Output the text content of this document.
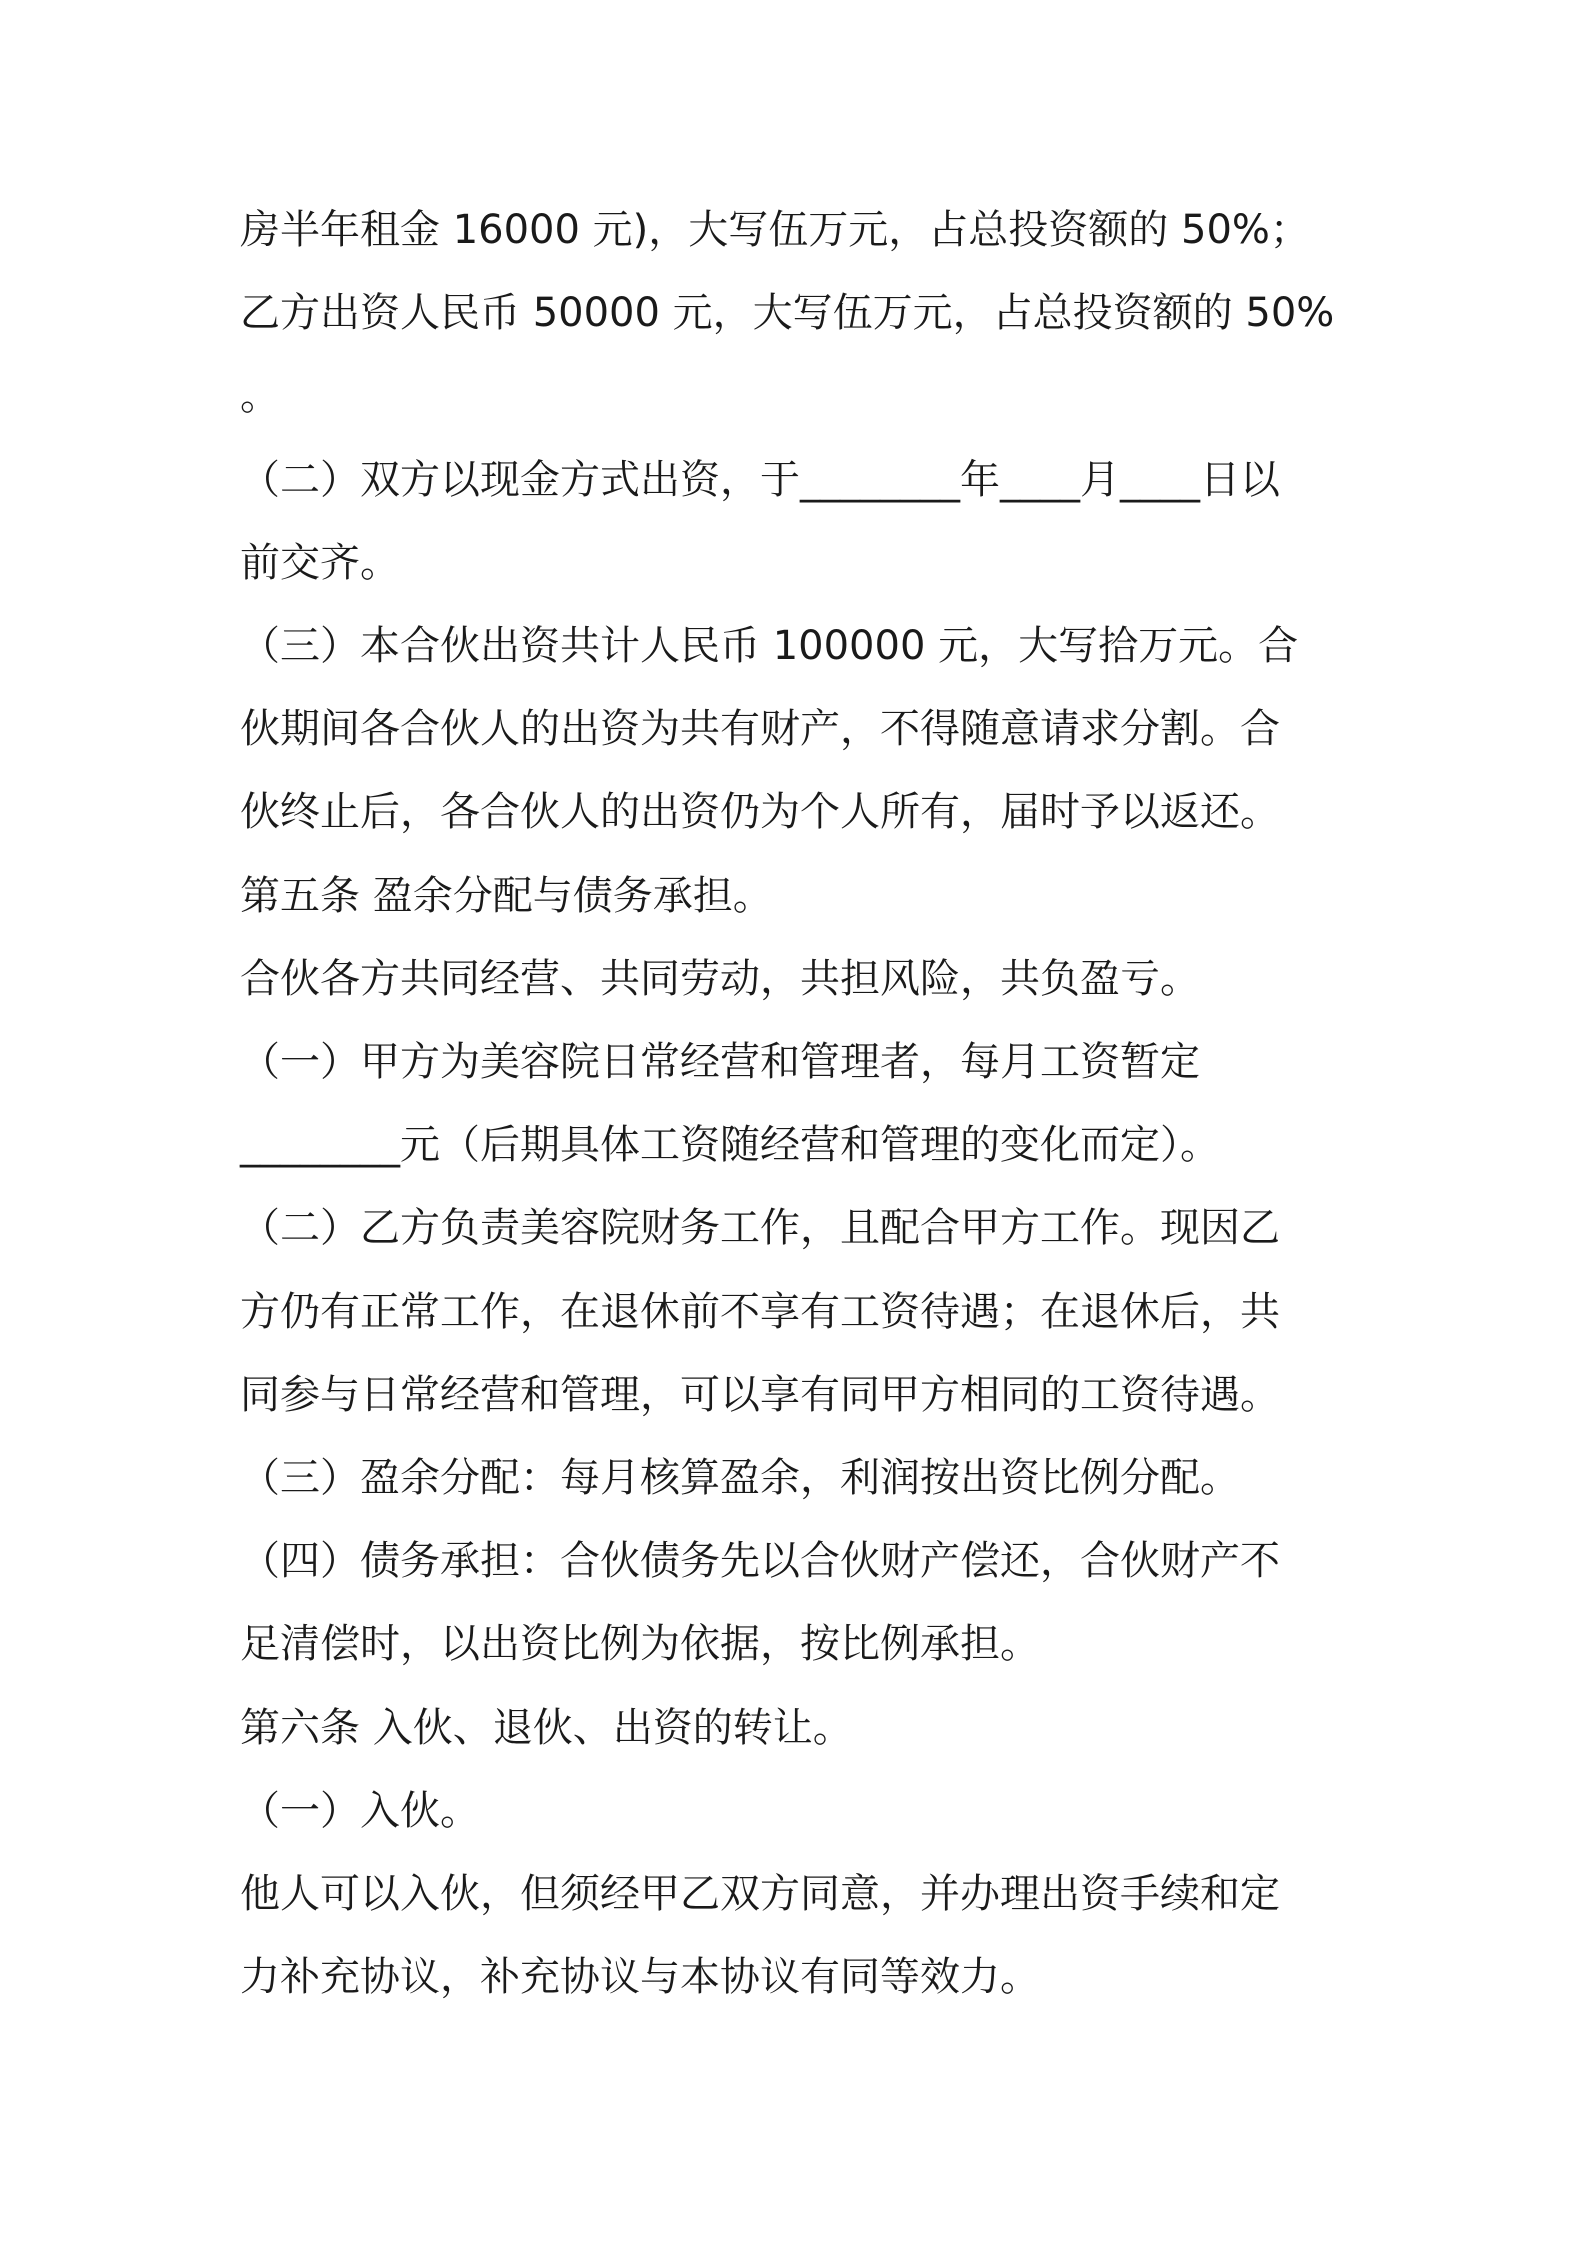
房半年租金 16000 元)，大写伍万元，占总投资额的 50%；

乙方出资人民币 50000 元，大写伍万元，占总投资额的 50%

。

（二）双方以现金方式出资，于________年____月____日以

前交齐。

（三）本合伙出资共计人民币 100000 元，大写拾万元。合

伙期间各合伙人的出资为共有财产，不得随意请求分割。合

伙终止后，各合伙人的出资仍为个人所有，届时予以返还。

第五条 盈余分配与债务承担。

合伙各方共同经营、共同劳动，共担风险，共负盈亏。

（一）甲方为美容院日常经营和管理者，每月工资暂定

________元（后期具体工资随经营和管理的变化而定）。

（二）乙方负责美容院财务工作，且配合甲方工作。现因乙

方仍有正常工作，在退休前不享有工资待遇；在退休后，共

同参与日常经营和管理，可以享有同甲方相同的工资待遇。

（三）盈余分配：每月核算盈余，利润按出资比例分配。

（四）债务承担：合伙债务先以合伙财产偿还，合伙财产不

足清偿时，以出资比例为依据，按比例承担。

第六条 入伙、退伙、出资的转让。

（一）入伙。

他人可以入伙，但须经甲乙双方同意，并办理出资手续和定

力补充协议，补充协议与本协议有同等效力。
